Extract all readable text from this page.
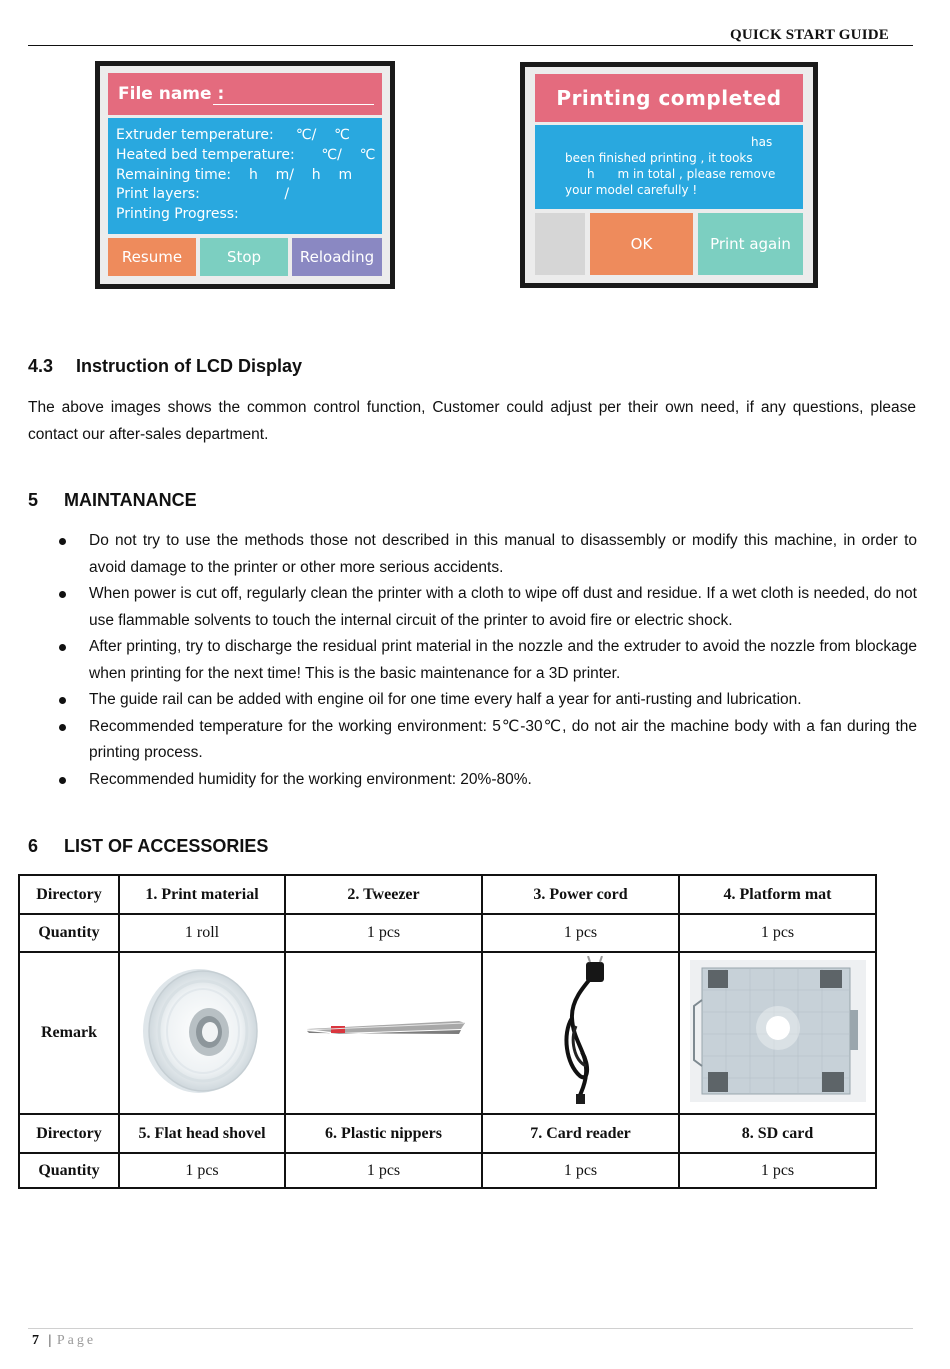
QUICK START GUIDE
File name :
Extruder temperature:     ℃/    ℃
Heated bed temperature:      ℃/    ℃
Remaining time:    h    m/    h    m
Print layers:                   /
Printing Progress:
Resume	Stop	Reloading
Printing completed
has
been finished printing , it tooks
h      m in total , please remove
your model carefully !
OK	Print again
4.3 Instruction of LCD Display
The above images shows the common control function, Customer could adjust per their own need, if any questions, please contact our after-sales department.
5 MAINTANANCE
Do not try to use the methods those not described in this manual to disassembly or modify this machine, in order to avoid damage to the printer or other more serious accidents.
When power is cut off, regularly clean the printer with a cloth to wipe off dust and residue. If a wet cloth is needed, do not use flammable solvents to touch the internal circuit of the printer to avoid fire or electric shock.
After printing, try to discharge the residual print material in the nozzle and the extruder to avoid the nozzle from blockage when printing for the next time! This is the basic maintenance for a 3D printer.
The guide rail can be added with engine oil for one time every half a year for anti-rusting and lubrication.
Recommended temperature for the working environment: 5℃-30℃, do not air the machine body with a fan during the printing process.
Recommended humidity for the working environment: 20%-80%.
6 LIST OF ACCESSORIES
Directory	1. Print material	2. Tweezer	3. Power cord	4. Platform mat
Quantity	1 roll	1 pcs	1 pcs	1 pcs
Remark				
Directory	5. Flat head shovel	6. Plastic nippers	7. Card reader	8. SD card
Quantity	1 pcs	1 pcs	1 pcs	1 pcs
7 | Page
